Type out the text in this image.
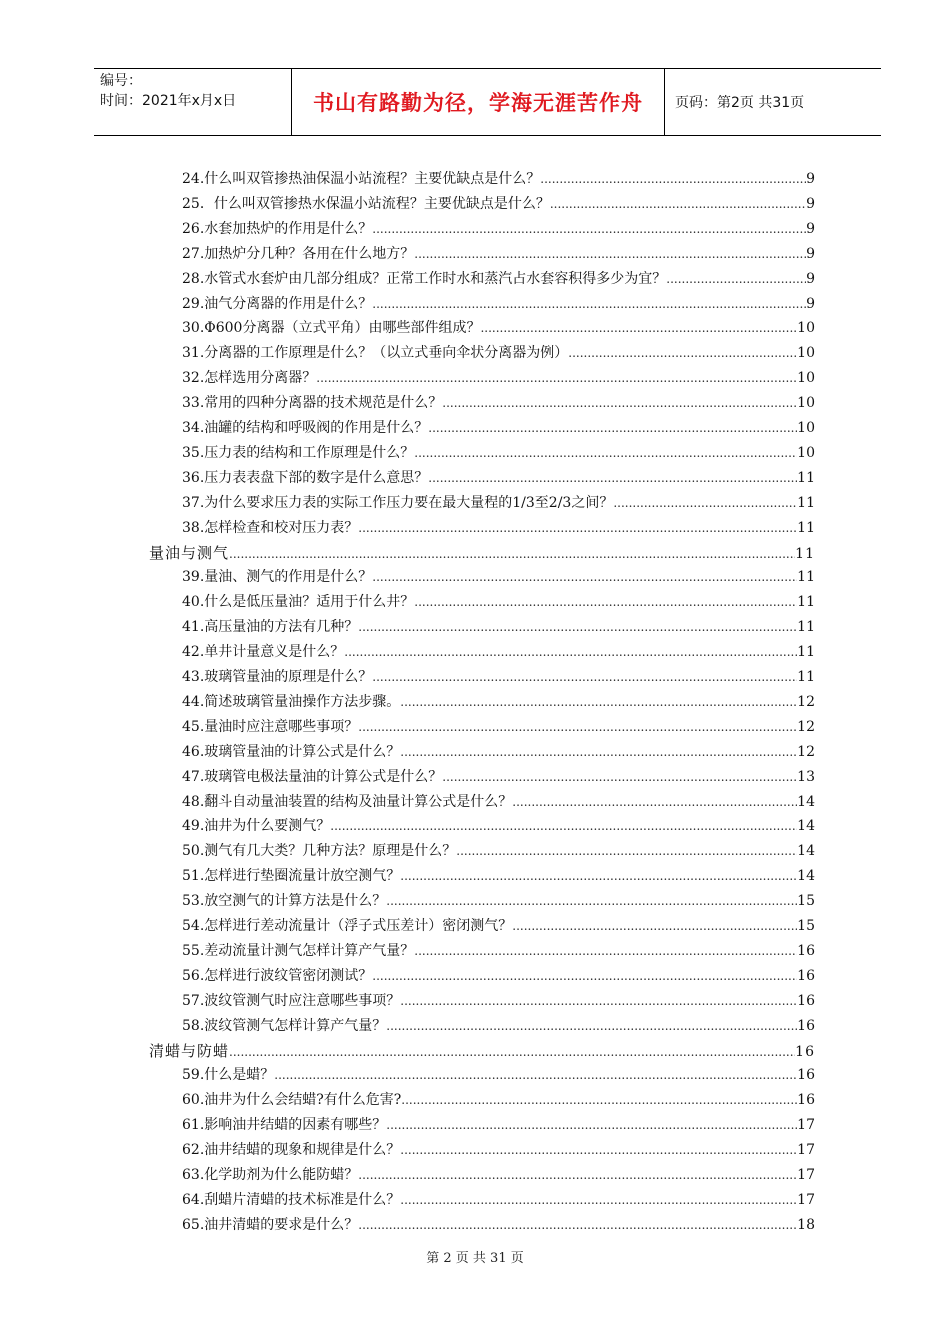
编号：
时间：2021年x月x日	书山有路勤为径，学海无涯苦作舟	页码：第2页 共31页
24.什么叫双管掺热油保温小站流程？主要优缺点是什么？ .....	9
25．什么叫双管掺热水保温小站流程？主要优缺点是什么？ .....	9
26.水套加热炉的作用是什么？ .....	9
27.加热炉分几种？各用在什么地方？ .....	9
28.水管式水套炉由几部分组成？正常工作时水和蒸汽占水套容积得多少为宜？ .....	9
29.油气分离器的作用是什么？ .....	9
30.Φ600分离器（立式平角）由哪些部件组成？ .....	10
31.分离器的工作原理是什么？（以立式垂向伞状分离器为例） .....	10
32.怎样选用分离器？ .....	10
33.常用的四种分离器的技术规范是什么？ .....	10
34.油罐的结构和呼吸阀的作用是什么？ .....	10
35.压力表的结构和工作原理是什么？ .....	10
36.压力表表盘下部的数字是什么意思？ .....	11
37.为什么要求压力表的实际工作压力要在最大量程的1/3至2/3之间？ .....	11
38.怎样检查和校对压力表？ .....	11
量油与测气 .....	11
39.量油、测气的作用是什么？ .....	11
40.什么是低压量油？适用于什么井？ .....	11
41.高压量油的方法有几种？ .....	11
42.单井计量意义是什么？ .....	11
43.玻璃管量油的原理是什么？ .....	11
44.简述玻璃管量油操作方法步骤。 .....	12
45.量油时应注意哪些事项？ .....	12
46.玻璃管量油的计算公式是什么？ .....	12
47.玻璃管电极法量油的计算公式是什么？ .....	13
48.翻斗自动量油装置的结构及油量计算公式是什么？ .....	14
49.油井为什么要测气？ .....	14
50.测气有几大类？几种方法？原理是什么？ .....	14
51.怎样进行垫圈流量计放空测气？ .....	14
53.放空测气的计算方法是什么？ .....	15
54.怎样进行差动流量计（浮子式压差计）密闭测气？ .....	15
55.差动流量计测气怎样计算产气量？ .....	16
56.怎样进行波纹管密闭测试？ .....	16
57.波纹管测气时应注意哪些事项？ .....	16
58.波纹管测气怎样计算产气量？ .....	16
清蜡与防蜡 .....	16
59.什么是蜡？ .....	16
60.油井为什么会结蜡?有什么危害? .....	16
61.影响油井结蜡的因素有哪些？ .....	17
62.油井结蜡的现象和规律是什么？ .....	17
63.化学助剂为什么能防蜡？ .....	17
64.刮蜡片清蜡的技术标准是什么？ .....	17
65.油井清蜡的要求是什么？ .....	18
第 2 页 共 31 页
